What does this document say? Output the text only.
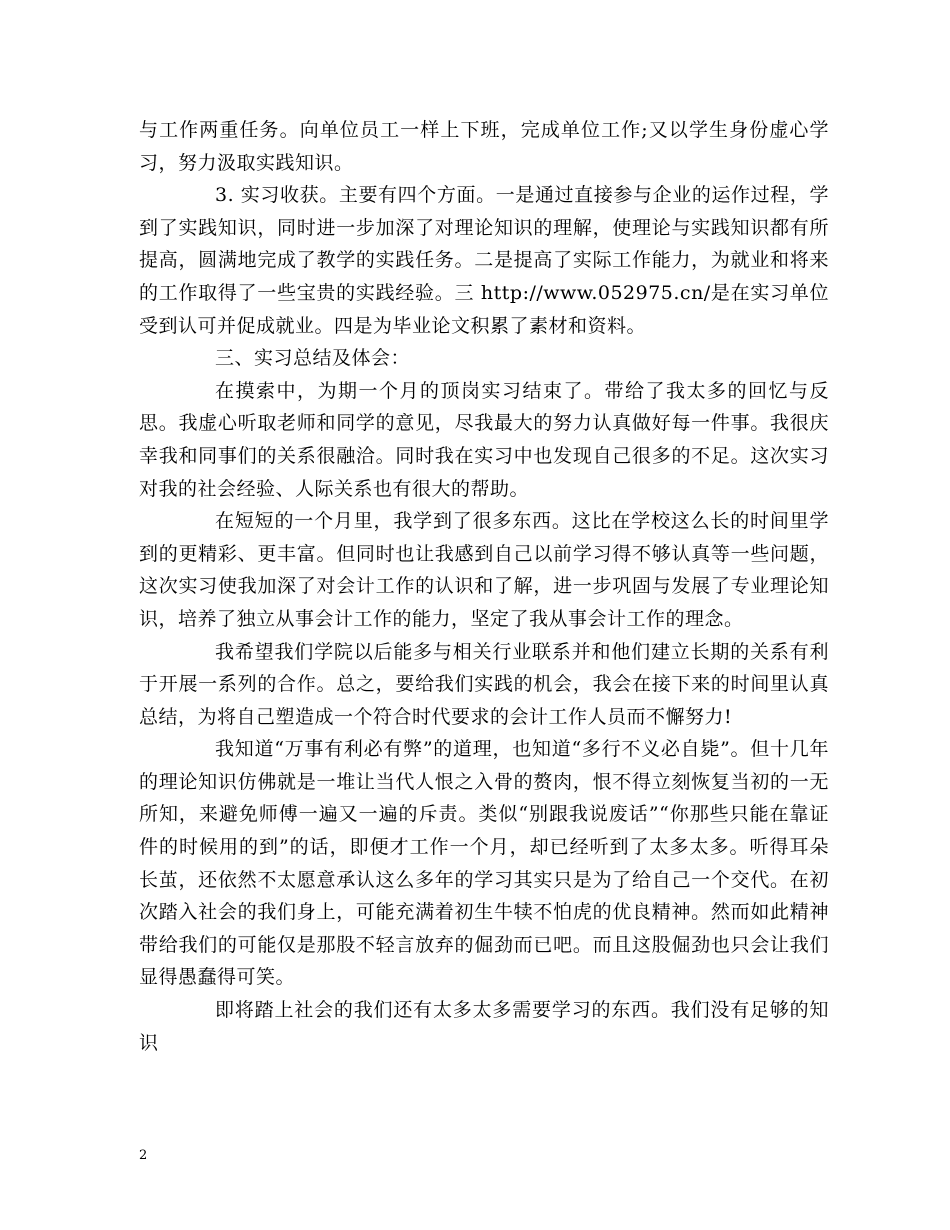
与工作两重任务。向单位员工一样上下班，完成单位工作;又以学生身份虚心学习，努力汲取实践知识。

3. 实习收获。主要有四个方面。一是通过直接参与企业的运作过程，学到了实践知识，同时进一步加深了对理论知识的理解，使理论与实践知识都有所提高，圆满地完成了教学的实践任务。二是提高了实际工作能力，为就业和将来的工作取得了一些宝贵的实践经验。三 http://www.052975.cn/是在实习单位受到认可并促成就业。四是为毕业论文积累了素材和资料。

三、实习总结及体会：

在摸索中，为期一个月的顶岗实习结束了。带给了我太多的回忆与反思。我虚心听取老师和同学的意见，尽我最大的努力认真做好每一件事。我很庆幸我和同事们的关系很融洽。同时我在实习中也发现自己很多的不足。这次实习对我的社会经验、人际关系也有很大的帮助。

在短短的一个月里，我学到了很多东西。这比在学校这么长的时间里学到的更精彩、更丰富。但同时也让我感到自己以前学习得不够认真等一些问题，这次实习使我加深了对会计工作的认识和了解，进一步巩固与发展了专业理论知识，培养了独立从事会计工作的能力，坚定了我从事会计工作的理念。

我希望我们学院以后能多与相关行业联系并和他们建立长期的关系有利于开展一系列的合作。总之，要给我们实践的机会，我会在接下来的时间里认真总结，为将自己塑造成一个符合时代要求的会计工作人员而不懈努力!

我知道“万事有利必有弊”的道理，也知道“多行不义必自毙”。但十几年的理论知识仿佛就是一堆让当代人恨之入骨的赘肉，恨不得立刻恢复当初的一无所知，来避免师傅一遍又一遍的斥责。类似“别跟我说废话”“你那些只能在靠证件的时候用的到”的话，即便才工作一个月，却已经听到了太多太多。听得耳朵长茧，还依然不太愿意承认这么多年的学习其实只是为了给自己一个交代。在初次踏入社会的我们身上，可能充满着初生牛犊不怕虎的优良精神。然而如此精神带给我们的可能仅是那股不轻言放弃的倔劲而已吧。而且这股倔劲也只会让我们显得愚蠢得可笑。

即将踏上社会的我们还有太多太多需要学习的东西。我们没有足够的知识

2
